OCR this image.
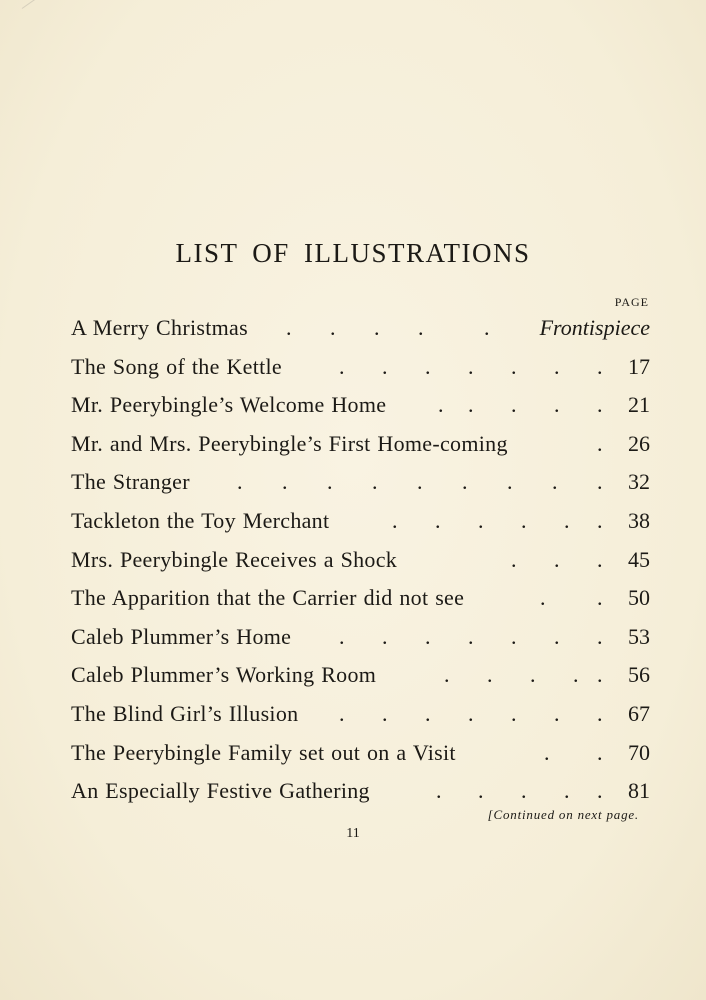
LIST OF ILLUSTRATIONS
PAGE
A Merry Christmas . . . .	. Frontispiece
The Song of the Kettle	. . . . . . . 17
Mr. Peerybingle’s Welcome Home . . . . . 21
Mr. and Mrs. Peerybingle’s First Home-coming	. 26
The Stranger . . . . . . . . . 32
Tackleton the Toy Merchant	. . . . . . 38
Mrs. Peerybingle Receives a Shock	. . . 45
The Apparition that the Carrier did not see	. . 50
Caleb Plummer’s Home . . . . . . . 53
Caleb Plummer’s Working Room	. . . . . 56
The Blind Girl’s Illusion . . . . . . . 67
The Peerybingle Family set out on a Visit	. . 70
An Especially Festive Gathering	. . . . . 81
[Continued on next page.
11
